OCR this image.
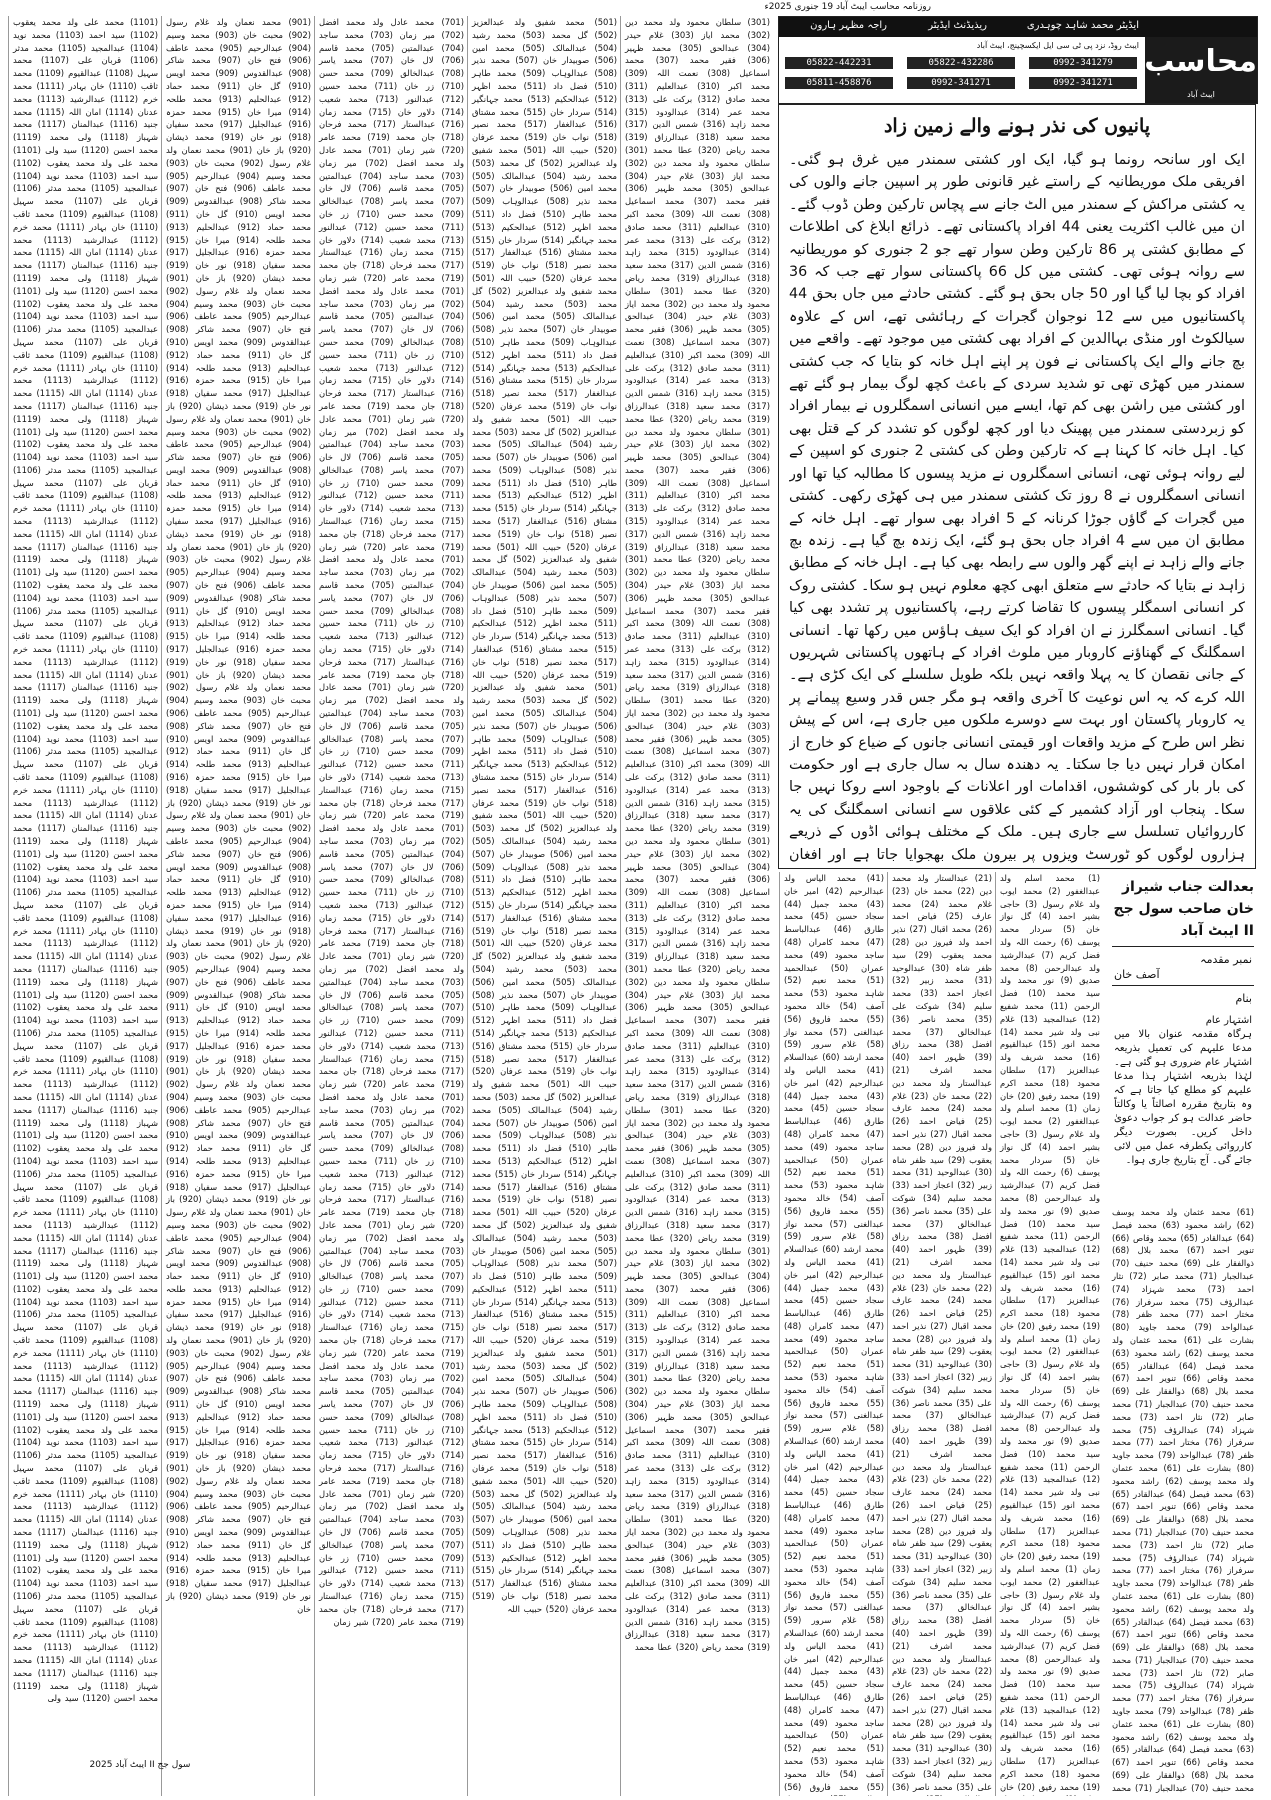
روزنامہ محاسب ایبٹ آباد 19 جنوری 2025ء
ایڈیٹر محمد شاہد چوہدری
ریذیڈنٹ ایڈیٹر
راجہ مظہر ہارون
محاسب
ایبٹ آباد
ایبٹ روڈ، نزد پی ٹی سی ایل ایکسچینج، ایبٹ آباد
0992-341279
05822-432286
05822-442231
0992-341271
0992-341271
05811-458876
پانیوں کی نذر ہونے والے زمین زاد
ایک اور سانحہ رونما ہو گیا، ایک اور کشتی سمندر میں غرق ہو گئی۔ افریقی ملک موریطانیہ کے راستے غیر قانونی طور پر اسپین جانے والوں کی یہ کشتی مراکش کے سمندر میں الٹ جانے سے پچاس تارکین وطن ڈوب گئے۔ ان میں غالب اکثریت یعنی 44 افراد پاکستانی تھے۔ ذرائع ابلاغ کی اطلاعات کے مطابق کشتی پر 86 تارکین وطن سوار تھے جو 2 جنوری کو موریطانیہ سے روانہ ہوئی تھی۔ کشتی میں کل 66 پاکستانی سوار تھے جب کہ 36 افراد کو بچا لیا گیا اور 50 جاں بحق ہو گئے۔ کشتی حادثے میں جاں بحق 44 پاکستانیوں میں سے 12 نوجوان گجرات کے رہائشی تھے، اس کے علاوہ سیالکوٹ اور منڈی بہاالدین کے افراد بھی کشتی میں موجود تھے۔ واقعے میں بچ جانے والے ایک پاکستانی نے فون پر اپنے اہل خانہ کو بتایا کہ جب کشتی سمندر میں کھڑی تھی تو شدید سردی کے باعث کچھ لوگ بیمار ہو گئے تھے اور کشتی میں راشن بھی کم تھا، ایسے میں انسانی اسمگلروں نے بیمار افراد کو زبردستی سمندر میں پھینک دیا اور کچھ لوگوں کو تشدد کر کے قتل بھی کیا۔ اہل خانہ کا کہنا ہے کہ تارکین وطن کی کشتی 2 جنوری کو اسپین کے لیے روانہ ہوئی تھی، انسانی اسمگلروں نے مزید پیسوں کا مطالبہ کیا تھا اور انسانی اسمگلروں نے 8 روز تک کشتی سمندر میں ہی کھڑی رکھی۔ کشتی میں گجرات کے گاؤں جوڑا کرنانہ کے 5 افراد بھی سوار تھے۔ اہل خانہ کے مطابق ان میں سے 4 افراد جاں بحق ہو گئے، ایک زندہ بچ گیا ہے۔ زندہ بچ جانے والے زاہد نے اپنے گھر والوں سے رابطہ بھی کیا ہے۔ اہل خانہ کے مطابق زاہد نے بتایا کہ حادثے سے متعلق ابھی کچھ معلوم نہیں ہو سکا۔ کشتی روک کر انسانی اسمگلر پیسوں کا تقاضا کرتے رہے، پاکستانیوں پر تشدد بھی کیا گیا۔ انسانی اسمگلرز نے ان افراد کو ایک سیف ہاؤس میں رکھا تھا۔ انسانی اسمگلنگ کے گھناؤنے کاروبار میں ملوث افراد کے ہاتھوں پاکستانی شہریوں کے جانی نقصان کا یہ پہلا واقعہ نہیں بلکہ طویل سلسلے کی ایک کڑی ہے۔ اللہ کرے کہ یہ اس نوعیت کا آخری واقعہ ہو مگر جس قدر وسیع پیمانے پر یہ کاروبار پاکستان اور بہت سے دوسرے ملکوں میں جاری ہے، اس کے پیش نظر اس طرح کے مزید واقعات اور قیمتی انسانی جانوں کے ضیاع کو خارج از امکان قرار نہیں دیا جا سکتا۔ یہ دھندہ سال بہ سال جاری ہے اور حکومت کی بار بار کی کوششوں، اقدامات اور اعلانات کے باوجود اسے روکا نہیں جا سکا۔ پنجاب اور آزاد کشمیر کے کئی علاقوں سے انسانی اسمگلنگ کی یہ کارروائیاں تسلسل سے جاری ہیں۔ ملک کے مختلف ہوائی اڈوں کے ذریعے ہزاروں لوگوں کو ٹورسٹ ویزوں پر بیرون ملک بھجوایا جاتا ہے اور افغان
بعدالت جناب شیراز خان صاحب سول جج II ایبٹ آباد
نمبر مقدمہ
آصف خان
بنام
اشتہار عام
ہرگاہ مقدمہ عنوان بالا میں مدعا علیہم کی تعمیل بذریعہ اشتہار عام ضروری ہو گئی ہے۔ لہٰذا بذریعہ اشتہار ہذا مدعا علیہم کو مطلع کیا جاتا ہے کہ وہ بتاریخ مقررہ اصالتاً یا وکالتاً حاضر عدالت ہو کر جواب دعویٰ داخل کریں۔ بصورت دیگر کارروائی یکطرفہ عمل میں لائی جائے گی۔ آج بتاریخ جاری ہوا۔
(301) سلطان محمود ولد محمد دین (302) محمد ایاز (303) غلام حیدر (304) عبدالحق (305) محمد ظہیر (306) فقیر محمد (307) محمد اسماعیل (308) نعمت اللہ (309) محمد اکبر (310) عبدالعلیم (311) محمد صادق (312) برکت علی (313) محمد عمر (314) عبدالودود (315) محمد زاہد (316) شمس الدین (317) محمد سعید (318) عبدالرزاق (319) محمد ریاض (320) عطا محمد (301) سلطان محمود ولد محمد دین (302) محمد ایاز (303) غلام حیدر (304) عبدالحق (305) محمد ظہیر (306) فقیر محمد (307) محمد اسماعیل (308) نعمت اللہ (309) محمد اکبر (310) عبدالعلیم (311) محمد صادق (312) برکت علی (313) محمد عمر (314) عبدالودود (315) محمد زاہد (316) شمس الدین (317) محمد سعید (318) عبدالرزاق (319) محمد ریاض (320) عطا محمد (301) سلطان محمود ولد محمد دین (302) محمد ایاز (303) غلام حیدر (304) عبدالحق (305) محمد ظہیر (306) فقیر محمد (307) محمد اسماعیل (308) نعمت اللہ (309) محمد اکبر (310) عبدالعلیم (311) محمد صادق (312) برکت علی (313) محمد عمر (314) عبدالودود (315) محمد زاہد (316) شمس الدین (317) محمد سعید (318) عبدالرزاق (319) محمد ریاض (320) عطا محمد (301) سلطان محمود ولد محمد دین (302) محمد ایاز (303) غلام حیدر (304) عبدالحق (305) محمد ظہیر (306) فقیر محمد (307) محمد اسماعیل (308) نعمت اللہ (309) محمد اکبر (310) عبدالعلیم (311) محمد صادق (312) برکت علی (313) محمد عمر (314) عبدالودود (315) محمد زاہد (316) شمس الدین (317) محمد سعید (318) عبدالرزاق (319) محمد ریاض (320) عطا محمد (301) سلطان محمود ولد محمد دین (302) محمد ایاز (303) غلام حیدر (304) عبدالحق (305) محمد ظہیر (306) فقیر محمد (307) محمد اسماعیل (308) نعمت اللہ (309) محمد اکبر (310) عبدالعلیم (311) محمد صادق (312) برکت علی (313) محمد عمر (314) عبدالودود (315) محمد زاہد (316) شمس الدین (317) محمد سعید (318) عبدالرزاق (319) محمد ریاض (320) عطا محمد (301) سلطان محمود ولد محمد دین (302) محمد ایاز (303) غلام حیدر (304) عبدالحق (305) محمد ظہیر (306) فقیر محمد (307) محمد اسماعیل (308) نعمت اللہ (309) محمد اکبر (310) عبدالعلیم (311) محمد صادق (312) برکت علی (313) محمد عمر (314) عبدالودود (315) محمد زاہد (316) شمس الدین (317) محمد سعید (318) عبدالرزاق (319) محمد ریاض (320) عطا محمد (301) سلطان محمود ولد محمد دین (302) محمد ایاز (303) غلام حیدر (304) عبدالحق (305) محمد ظہیر (306) فقیر محمد (307) محمد اسماعیل (308) نعمت اللہ (309) محمد اکبر (310) عبدالعلیم (311) محمد صادق (312) برکت علی (313) محمد عمر (314) عبدالودود (315) محمد زاہد (316) شمس الدین (317) محمد سعید (318) عبدالرزاق (319) محمد ریاض (320) عطا محمد (301) سلطان محمود ولد محمد دین (302) محمد ایاز (303) غلام حیدر (304) عبدالحق (305) محمد ظہیر (306) فقیر محمد (307) محمد اسماعیل (308) نعمت اللہ (309) محمد اکبر (310) عبدالعلیم (311) محمد صادق (312) برکت علی (313) محمد عمر (314) عبدالودود (315) محمد زاہد (316) شمس الدین (317) محمد سعید (318) عبدالرزاق (319) محمد ریاض (320) عطا محمد (301) سلطان محمود ولد محمد دین (302) محمد ایاز (303) غلام حیدر (304) عبدالحق (305) محمد ظہیر (306) فقیر محمد (307) محمد اسماعیل (308) نعمت اللہ (309) محمد اکبر (310) عبدالعلیم (311) محمد صادق (312) برکت علی (313) محمد عمر (314) عبدالودود (315) محمد زاہد (316) شمس الدین (317) محمد سعید (318) عبدالرزاق (319) محمد ریاض (320) عطا محمد (301) سلطان محمود ولد محمد دین (302) محمد ایاز (303) غلام حیدر (304) عبدالحق (305) محمد ظہیر (306) فقیر محمد (307) محمد اسماعیل (308) نعمت اللہ (309) محمد اکبر (310) عبدالعلیم (311) محمد صادق (312) برکت علی (313) محمد عمر (314) عبدالودود (315) محمد زاہد (316) شمس الدین (317) محمد سعید (318) عبدالرزاق (319) محمد ریاض (320) عطا محمد (301) سلطان محمود ولد محمد دین (302) محمد ایاز (303) غلام حیدر (304) عبدالحق (305) محمد ظہیر (306) فقیر محمد (307) محمد اسماعیل (308) نعمت اللہ (309) محمد اکبر (310) عبدالعلیم (311) محمد صادق (312) برکت علی (313) محمد عمر (314) عبدالودود (315) محمد زاہد (316) شمس الدین (317) محمد سعید (318) عبدالرزاق (319) محمد ریاض (320) عطا محمد (301) سلطان محمود ولد محمد دین (302) محمد ایاز (303) غلام حیدر (304) عبدالحق (305) محمد ظہیر (306) فقیر محمد (307) محمد اسماعیل (308) نعمت اللہ (309) محمد اکبر (310) عبدالعلیم (311) محمد صادق (312) برکت علی (313) محمد عمر (314) عبدالودود (315) محمد زاہد (316) شمس الدین (317) محمد سعید (318) عبدالرزاق (319) محمد ریاض (320) عطا محمد
(501) محمد شفیق ولد عبدالعزیز (502) گل محمد (503) محمد رشید (504) عبدالمالک (505) محمد امین (506) صوبیدار خان (507) محمد نذیر (508) عبدالوہاب (509) محمد طاہر (510) فضل داد (511) محمد اظہر (512) عبدالحکیم (513) محمد جہانگیر (514) سردار خان (515) محمد مشتاق (516) عبدالغفار (517) محمد نصیر (518) نواب خان (519) محمد عرفان (520) حبیب اللہ (501) محمد شفیق ولد عبدالعزیز (502) گل محمد (503) محمد رشید (504) عبدالمالک (505) محمد امین (506) صوبیدار خان (507) محمد نذیر (508) عبدالوہاب (509) محمد طاہر (510) فضل داد (511) محمد اظہر (512) عبدالحکیم (513) محمد جہانگیر (514) سردار خان (515) محمد مشتاق (516) عبدالغفار (517) محمد نصیر (518) نواب خان (519) محمد عرفان (520) حبیب اللہ (501) محمد شفیق ولد عبدالعزیز (502) گل محمد (503) محمد رشید (504) عبدالمالک (505) محمد امین (506) صوبیدار خان (507) محمد نذیر (508) عبدالوہاب (509) محمد طاہر (510) فضل داد (511) محمد اظہر (512) عبدالحکیم (513) محمد جہانگیر (514) سردار خان (515) محمد مشتاق (516) عبدالغفار (517) محمد نصیر (518) نواب خان (519) محمد عرفان (520) حبیب اللہ (501) محمد شفیق ولد عبدالعزیز (502) گل محمد (503) محمد رشید (504) عبدالمالک (505) محمد امین (506) صوبیدار خان (507) محمد نذیر (508) عبدالوہاب (509) محمد طاہر (510) فضل داد (511) محمد اظہر (512) عبدالحکیم (513) محمد جہانگیر (514) سردار خان (515) محمد مشتاق (516) عبدالغفار (517) محمد نصیر (518) نواب خان (519) محمد عرفان (520) حبیب اللہ (501) محمد شفیق ولد عبدالعزیز (502) گل محمد (503) محمد رشید (504) عبدالمالک (505) محمد امین (506) صوبیدار خان (507) محمد نذیر (508) عبدالوہاب (509) محمد طاہر (510) فضل داد (511) محمد اظہر (512) عبدالحکیم (513) محمد جہانگیر (514) سردار خان (515) محمد مشتاق (516) عبدالغفار (517) محمد نصیر (518) نواب خان (519) محمد عرفان (520) حبیب اللہ (501) محمد شفیق ولد عبدالعزیز (502) گل محمد (503) محمد رشید (504) عبدالمالک (505) محمد امین (506) صوبیدار خان (507) محمد نذیر (508) عبدالوہاب (509) محمد طاہر (510) فضل داد (511) محمد اظہر (512) عبدالحکیم (513) محمد جہانگیر (514) سردار خان (515) محمد مشتاق (516) عبدالغفار (517) محمد نصیر (518) نواب خان (519) محمد عرفان (520) حبیب اللہ (501) محمد شفیق ولد عبدالعزیز (502) گل محمد (503) محمد رشید (504) عبدالمالک (505) محمد امین (506) صوبیدار خان (507) محمد نذیر (508) عبدالوہاب (509) محمد طاہر (510) فضل داد (511) محمد اظہر (512) عبدالحکیم (513) محمد جہانگیر (514) سردار خان (515) محمد مشتاق (516) عبدالغفار (517) محمد نصیر (518) نواب خان (519) محمد عرفان (520) حبیب اللہ (501) محمد شفیق ولد عبدالعزیز (502) گل محمد (503) محمد رشید (504) عبدالمالک (505) محمد امین (506) صوبیدار خان (507) محمد نذیر (508) عبدالوہاب (509) محمد طاہر (510) فضل داد (511) محمد اظہر (512) عبدالحکیم (513) محمد جہانگیر (514) سردار خان (515) محمد مشتاق (516) عبدالغفار (517) محمد نصیر (518) نواب خان (519) محمد عرفان (520) حبیب اللہ (501) محمد شفیق ولد عبدالعزیز (502) گل محمد (503) محمد رشید (504) عبدالمالک (505) محمد امین (506) صوبیدار خان (507) محمد نذیر (508) عبدالوہاب (509) محمد طاہر (510) فضل داد (511) محمد اظہر (512) عبدالحکیم (513) محمد جہانگیر (514) سردار خان (515) محمد مشتاق (516) عبدالغفار (517) محمد نصیر (518) نواب خان (519) محمد عرفان (520) حبیب اللہ (501) محمد شفیق ولد عبدالعزیز (502) گل محمد (503) محمد رشید (504) عبدالمالک (505) محمد امین (506) صوبیدار خان (507) محمد نذیر (508) عبدالوہاب (509) محمد طاہر (510) فضل داد (511) محمد اظہر (512) عبدالحکیم (513) محمد جہانگیر (514) سردار خان (515) محمد مشتاق (516) عبدالغفار (517) محمد نصیر (518) نواب خان (519) محمد عرفان (520) حبیب اللہ (501) محمد شفیق ولد عبدالعزیز (502) گل محمد (503) محمد رشید (504) عبدالمالک (505) محمد امین (506) صوبیدار خان (507) محمد نذیر (508) عبدالوہاب (509) محمد طاہر (510) فضل داد (511) محمد اظہر (512) عبدالحکیم (513) محمد جہانگیر (514) سردار خان (515) محمد مشتاق (516) عبدالغفار (517) محمد نصیر (518) نواب خان (519) محمد عرفان (520) حبیب اللہ (501) محمد شفیق ولد عبدالعزیز (502) گل محمد (503) محمد رشید (504) عبدالمالک (505) محمد امین (506) صوبیدار خان (507) محمد نذیر (508) عبدالوہاب (509) محمد طاہر (510) فضل داد (511) محمد اظہر (512) عبدالحکیم (513) محمد جہانگیر (514) سردار خان (515) محمد مشتاق (516) عبدالغفار (517) محمد نصیر (518) نواب خان (519) محمد عرفان (520) حبیب اللہ
(701) محمد عادل ولد محمد افضل (702) میر زمان (703) محمد ساجد (704) عبدالمتین (705) محمد قاسم (706) لال خان (707) محمد یاسر (708) عبدالخالق (709) محمد حسن (710) زر خان (711) محمد حسین (712) عبدالنور (713) محمد شعیب (714) دلاور خان (715) محمد زمان (716) عبدالستار (717) محمد فرحان (718) جان محمد (719) محمد عامر (720) شیر زمان (701) محمد عادل ولد محمد افضل (702) میر زمان (703) محمد ساجد (704) عبدالمتین (705) محمد قاسم (706) لال خان (707) محمد یاسر (708) عبدالخالق (709) محمد حسن (710) زر خان (711) محمد حسین (712) عبدالنور (713) محمد شعیب (714) دلاور خان (715) محمد زمان (716) عبدالستار (717) محمد فرحان (718) جان محمد (719) محمد عامر (720) شیر زمان (701) محمد عادل ولد محمد افضل (702) میر زمان (703) محمد ساجد (704) عبدالمتین (705) محمد قاسم (706) لال خان (707) محمد یاسر (708) عبدالخالق (709) محمد حسن (710) زر خان (711) محمد حسین (712) عبدالنور (713) محمد شعیب (714) دلاور خان (715) محمد زمان (716) عبدالستار (717) محمد فرحان (718) جان محمد (719) محمد عامر (720) شیر زمان (701) محمد عادل ولد محمد افضل (702) میر زمان (703) محمد ساجد (704) عبدالمتین (705) محمد قاسم (706) لال خان (707) محمد یاسر (708) عبدالخالق (709) محمد حسن (710) زر خان (711) محمد حسین (712) عبدالنور (713) محمد شعیب (714) دلاور خان (715) محمد زمان (716) عبدالستار (717) محمد فرحان (718) جان محمد (719) محمد عامر (720) شیر زمان (701) محمد عادل ولد محمد افضل (702) میر زمان (703) محمد ساجد (704) عبدالمتین (705) محمد قاسم (706) لال خان (707) محمد یاسر (708) عبدالخالق (709) محمد حسن (710) زر خان (711) محمد حسین (712) عبدالنور (713) محمد شعیب (714) دلاور خان (715) محمد زمان (716) عبدالستار (717) محمد فرحان (718) جان محمد (719) محمد عامر (720) شیر زمان (701) محمد عادل ولد محمد افضل (702) میر زمان (703) محمد ساجد (704) عبدالمتین (705) محمد قاسم (706) لال خان (707) محمد یاسر (708) عبدالخالق (709) محمد حسن (710) زر خان (711) محمد حسین (712) عبدالنور (713) محمد شعیب (714) دلاور خان (715) محمد زمان (716) عبدالستار (717) محمد فرحان (718) جان محمد (719) محمد عامر (720) شیر زمان (701) محمد عادل ولد محمد افضل (702) میر زمان (703) محمد ساجد (704) عبدالمتین (705) محمد قاسم (706) لال خان (707) محمد یاسر (708) عبدالخالق (709) محمد حسن (710) زر خان (711) محمد حسین (712) عبدالنور (713) محمد شعیب (714) دلاور خان (715) محمد زمان (716) عبدالستار (717) محمد فرحان (718) جان محمد (719) محمد عامر (720) شیر زمان (701) محمد عادل ولد محمد افضل (702) میر زمان (703) محمد ساجد (704) عبدالمتین (705) محمد قاسم (706) لال خان (707) محمد یاسر (708) عبدالخالق (709) محمد حسن (710) زر خان (711) محمد حسین (712) عبدالنور (713) محمد شعیب (714) دلاور خان (715) محمد زمان (716) عبدالستار (717) محمد فرحان (718) جان محمد (719) محمد عامر (720) شیر زمان (701) محمد عادل ولد محمد افضل (702) میر زمان (703) محمد ساجد (704) عبدالمتین (705) محمد قاسم (706) لال خان (707) محمد یاسر (708) عبدالخالق (709) محمد حسن (710) زر خان (711) محمد حسین (712) عبدالنور (713) محمد شعیب (714) دلاور خان (715) محمد زمان (716) عبدالستار (717) محمد فرحان (718) جان محمد (719) محمد عامر (720) شیر زمان (701) محمد عادل ولد محمد افضل (702) میر زمان (703) محمد ساجد (704) عبدالمتین (705) محمد قاسم (706) لال خان (707) محمد یاسر (708) عبدالخالق (709) محمد حسن (710) زر خان (711) محمد حسین (712) عبدالنور (713) محمد شعیب (714) دلاور خان (715) محمد زمان (716) عبدالستار (717) محمد فرحان (718) جان محمد (719) محمد عامر (720) شیر زمان (701) محمد عادل ولد محمد افضل (702) میر زمان (703) محمد ساجد (704) عبدالمتین (705) محمد قاسم (706) لال خان (707) محمد یاسر (708) عبدالخالق (709) محمد حسن (710) زر خان (711) محمد حسین (712) عبدالنور (713) محمد شعیب (714) دلاور خان (715) محمد زمان (716) عبدالستار (717) محمد فرحان (718) جان محمد (719) محمد عامر (720) شیر زمان (701) محمد عادل ولد محمد افضل (702) میر زمان (703) محمد ساجد (704) عبدالمتین (705) محمد قاسم (706) لال خان (707) محمد یاسر (708) عبدالخالق (709) محمد حسن (710) زر خان (711) محمد حسین (712) عبدالنور (713) محمد شعیب (714) دلاور خان (715) محمد زمان (716) عبدالستار (717) محمد فرحان (718) جان محمد (719) محمد عامر (720) شیر زمان
(901) محمد نعمان ولد غلام رسول (902) محبت خان (903) محمد وسیم (904) عبدالرحیم (905) محمد عاطف (906) فتح خان (907) محمد شاکر (908) عبدالقدوس (909) محمد اویس (910) گل خان (911) محمد حماد (912) عبدالحلیم (913) محمد طلحہ (914) میرا خان (915) محمد حمزہ (916) عبدالجلیل (917) محمد سفیان (918) نور خان (919) محمد ذیشان (920) باز خان (901) محمد نعمان ولد غلام رسول (902) محبت خان (903) محمد وسیم (904) عبدالرحیم (905) محمد عاطف (906) فتح خان (907) محمد شاکر (908) عبدالقدوس (909) محمد اویس (910) گل خان (911) محمد حماد (912) عبدالحلیم (913) محمد طلحہ (914) میرا خان (915) محمد حمزہ (916) عبدالجلیل (917) محمد سفیان (918) نور خان (919) محمد ذیشان (920) باز خان (901) محمد نعمان ولد غلام رسول (902) محبت خان (903) محمد وسیم (904) عبدالرحیم (905) محمد عاطف (906) فتح خان (907) محمد شاکر (908) عبدالقدوس (909) محمد اویس (910) گل خان (911) محمد حماد (912) عبدالحلیم (913) محمد طلحہ (914) میرا خان (915) محمد حمزہ (916) عبدالجلیل (917) محمد سفیان (918) نور خان (919) محمد ذیشان (920) باز خان (901) محمد نعمان ولد غلام رسول (902) محبت خان (903) محمد وسیم (904) عبدالرحیم (905) محمد عاطف (906) فتح خان (907) محمد شاکر (908) عبدالقدوس (909) محمد اویس (910) گل خان (911) محمد حماد (912) عبدالحلیم (913) محمد طلحہ (914) میرا خان (915) محمد حمزہ (916) عبدالجلیل (917) محمد سفیان (918) نور خان (919) محمد ذیشان (920) باز خان (901) محمد نعمان ولد غلام رسول (902) محبت خان (903) محمد وسیم (904) عبدالرحیم (905) محمد عاطف (906) فتح خان (907) محمد شاکر (908) عبدالقدوس (909) محمد اویس (910) گل خان (911) محمد حماد (912) عبدالحلیم (913) محمد طلحہ (914) میرا خان (915) محمد حمزہ (916) عبدالجلیل (917) محمد سفیان (918) نور خان (919) محمد ذیشان (920) باز خان (901) محمد نعمان ولد غلام رسول (902) محبت خان (903) محمد وسیم (904) عبدالرحیم (905) محمد عاطف (906) فتح خان (907) محمد شاکر (908) عبدالقدوس (909) محمد اویس (910) گل خان (911) محمد حماد (912) عبدالحلیم (913) محمد طلحہ (914) میرا خان (915) محمد حمزہ (916) عبدالجلیل (917) محمد سفیان (918) نور خان (919) محمد ذیشان (920) باز خان (901) محمد نعمان ولد غلام رسول (902) محبت خان (903) محمد وسیم (904) عبدالرحیم (905) محمد عاطف (906) فتح خان (907) محمد شاکر (908) عبدالقدوس (909) محمد اویس (910) گل خان (911) محمد حماد (912) عبدالحلیم (913) محمد طلحہ (914) میرا خان (915) محمد حمزہ (916) عبدالجلیل (917) محمد سفیان (918) نور خان (919) محمد ذیشان (920) باز خان (901) محمد نعمان ولد غلام رسول (902) محبت خان (903) محمد وسیم (904) عبدالرحیم (905) محمد عاطف (906) فتح خان (907) محمد شاکر (908) عبدالقدوس (909) محمد اویس (910) گل خان (911) محمد حماد (912) عبدالحلیم (913) محمد طلحہ (914) میرا خان (915) محمد حمزہ (916) عبدالجلیل (917) محمد سفیان (918) نور خان (919) محمد ذیشان (920) باز خان (901) محمد نعمان ولد غلام رسول (902) محبت خان (903) محمد وسیم (904) عبدالرحیم (905) محمد عاطف (906) فتح خان (907) محمد شاکر (908) عبدالقدوس (909) محمد اویس (910) گل خان (911) محمد حماد (912) عبدالحلیم (913) محمد طلحہ (914) میرا خان (915) محمد حمزہ (916) عبدالجلیل (917) محمد سفیان (918) نور خان (919) محمد ذیشان (920) باز خان (901) محمد نعمان ولد غلام رسول (902) محبت خان (903) محمد وسیم (904) عبدالرحیم (905) محمد عاطف (906) فتح خان (907) محمد شاکر (908) عبدالقدوس (909) محمد اویس (910) گل خان (911) محمد حماد (912) عبدالحلیم (913) محمد طلحہ (914) میرا خان (915) محمد حمزہ (916) عبدالجلیل (917) محمد سفیان (918) نور خان (919) محمد ذیشان (920) باز خان (901) محمد نعمان ولد غلام رسول (902) محبت خان (903) محمد وسیم (904) عبدالرحیم (905) محمد عاطف (906) فتح خان (907) محمد شاکر (908) عبدالقدوس (909) محمد اویس (910) گل خان (911) محمد حماد (912) عبدالحلیم (913) محمد طلحہ (914) میرا خان (915) محمد حمزہ (916) عبدالجلیل (917) محمد سفیان (918) نور خان (919) محمد ذیشان (920) باز خان (901) محمد نعمان ولد غلام رسول (902) محبت خان (903) محمد وسیم (904) عبدالرحیم (905) محمد عاطف (906) فتح خان (907) محمد شاکر (908) عبدالقدوس (909) محمد اویس (910) گل خان (911) محمد حماد (912) عبدالحلیم (913) محمد طلحہ (914) میرا خان (915) محمد حمزہ (916) عبدالجلیل (917) محمد سفیان (918) نور خان (919) محمد ذیشان (920) باز خان
(1101) محمد علی ولد محمد یعقوب (1102) سید احمد (1103) محمد نوید (1104) عبدالمجید (1105) محمد مدثر (1106) قربان علی (1107) محمد سہیل (1108) عبدالقیوم (1109) محمد ثاقب (1110) خان بہادر (1111) محمد خرم (1112) عبدالرشید (1113) محمد عدنان (1114) امان اللہ (1115) محمد جنید (1116) عبدالمنان (1117) محمد شہباز (1118) ولی محمد (1119) محمد احسن (1120) سید ولی (1101) محمد علی ولد محمد یعقوب (1102) سید احمد (1103) محمد نوید (1104) عبدالمجید (1105) محمد مدثر (1106) قربان علی (1107) محمد سہیل (1108) عبدالقیوم (1109) محمد ثاقب (1110) خان بہادر (1111) محمد خرم (1112) عبدالرشید (1113) محمد عدنان (1114) امان اللہ (1115) محمد جنید (1116) عبدالمنان (1117) محمد شہباز (1118) ولی محمد (1119) محمد احسن (1120) سید ولی (1101) محمد علی ولد محمد یعقوب (1102) سید احمد (1103) محمد نوید (1104) عبدالمجید (1105) محمد مدثر (1106) قربان علی (1107) محمد سہیل (1108) عبدالقیوم (1109) محمد ثاقب (1110) خان بہادر (1111) محمد خرم (1112) عبدالرشید (1113) محمد عدنان (1114) امان اللہ (1115) محمد جنید (1116) عبدالمنان (1117) محمد شہباز (1118) ولی محمد (1119) محمد احسن (1120) سید ولی (1101) محمد علی ولد محمد یعقوب (1102) سید احمد (1103) محمد نوید (1104) عبدالمجید (1105) محمد مدثر (1106) قربان علی (1107) محمد سہیل (1108) عبدالقیوم (1109) محمد ثاقب (1110) خان بہادر (1111) محمد خرم (1112) عبدالرشید (1113) محمد عدنان (1114) امان اللہ (1115) محمد جنید (1116) عبدالمنان (1117) محمد شہباز (1118) ولی محمد (1119) محمد احسن (1120) سید ولی (1101) محمد علی ولد محمد یعقوب (1102) سید احمد (1103) محمد نوید (1104) عبدالمجید (1105) محمد مدثر (1106) قربان علی (1107) محمد سہیل (1108) عبدالقیوم (1109) محمد ثاقب (1110) خان بہادر (1111) محمد خرم (1112) عبدالرشید (1113) محمد عدنان (1114) امان اللہ (1115) محمد جنید (1116) عبدالمنان (1117) محمد شہباز (1118) ولی محمد (1119) محمد احسن (1120) سید ولی (1101) محمد علی ولد محمد یعقوب (1102) سید احمد (1103) محمد نوید (1104) عبدالمجید (1105) محمد مدثر (1106) قربان علی (1107) محمد سہیل (1108) عبدالقیوم (1109) محمد ثاقب (1110) خان بہادر (1111) محمد خرم (1112) عبدالرشید (1113) محمد عدنان (1114) امان اللہ (1115) محمد جنید (1116) عبدالمنان (1117) محمد شہباز (1118) ولی محمد (1119) محمد احسن (1120) سید ولی (1101) محمد علی ولد محمد یعقوب (1102) سید احمد (1103) محمد نوید (1104) عبدالمجید (1105) محمد مدثر (1106) قربان علی (1107) محمد سہیل (1108) عبدالقیوم (1109) محمد ثاقب (1110) خان بہادر (1111) محمد خرم (1112) عبدالرشید (1113) محمد عدنان (1114) امان اللہ (1115) محمد جنید (1116) عبدالمنان (1117) محمد شہباز (1118) ولی محمد (1119) محمد احسن (1120) سید ولی (1101) محمد علی ولد محمد یعقوب (1102) سید احمد (1103) محمد نوید (1104) عبدالمجید (1105) محمد مدثر (1106) قربان علی (1107) محمد سہیل (1108) عبدالقیوم (1109) محمد ثاقب (1110) خان بہادر (1111) محمد خرم (1112) عبدالرشید (1113) محمد عدنان (1114) امان اللہ (1115) محمد جنید (1116) عبدالمنان (1117) محمد شہباز (1118) ولی محمد (1119) محمد احسن (1120) سید ولی (1101) محمد علی ولد محمد یعقوب (1102) سید احمد (1103) محمد نوید (1104) عبدالمجید (1105) محمد مدثر (1106) قربان علی (1107) محمد سہیل (1108) عبدالقیوم (1109) محمد ثاقب (1110) خان بہادر (1111) محمد خرم (1112) عبدالرشید (1113) محمد عدنان (1114) امان اللہ (1115) محمد جنید (1116) عبدالمنان (1117) محمد شہباز (1118) ولی محمد (1119) محمد احسن (1120) سید ولی (1101) محمد علی ولد محمد یعقوب (1102) سید احمد (1103) محمد نوید (1104) عبدالمجید (1105) محمد مدثر (1106) قربان علی (1107) محمد سہیل (1108) عبدالقیوم (1109) محمد ثاقب (1110) خان بہادر (1111) محمد خرم (1112) عبدالرشید (1113) محمد عدنان (1114) امان اللہ (1115) محمد جنید (1116) عبدالمنان (1117) محمد شہباز (1118) ولی محمد (1119) محمد احسن (1120) سید ولی (1101) محمد علی ولد محمد یعقوب (1102) سید احمد (1103) محمد نوید (1104) عبدالمجید (1105) محمد مدثر (1106) قربان علی (1107) محمد سہیل (1108) عبدالقیوم (1109) محمد ثاقب (1110) خان بہادر (1111) محمد خرم (1112) عبدالرشید (1113) محمد عدنان (1114) امان اللہ (1115) محمد جنید (1116) عبدالمنان (1117) محمد شہباز (1118) ولی محمد (1119) محمد احسن (1120) سید ولی (1101) محمد علی ولد محمد یعقوب (1102) سید احمد (1103) محمد نوید (1104) عبدالمجید (1105) محمد مدثر (1106) قربان علی (1107) محمد سہیل (1108) عبدالقیوم (1109) محمد ثاقب (1110) خان بہادر (1111) محمد خرم (1112) عبدالرشید (1113) محمد عدنان (1114) امان اللہ (1115) محمد جنید (1116) عبدالمنان (1117) محمد شہباز (1118) ولی محمد (1119) محمد احسن (1120) سید ولی
(1) محمد اسلم ولد عبدالغفور (2) محمد ایوب ولد غلام رسول (3) حاجی بشیر احمد (4) گل نواز خان (5) سردار محمد یوسف (6) رحمت اللہ ولد فضل کریم (7) عبدالرشید ولد عبدالرحمن (8) محمد صدیق (9) نور محمد ولد سید محمد (10) فضل الرحمن (11) محمد شفیع (12) عبدالمجید (13) غلام نبی ولد شیر محمد (14) محمد انور (15) عبدالقیوم (16) محمد شریف ولد عبدالعزیز (17) سلطان محمود (18) محمد اکرم (19) محمد رفیق (20) خان زمان (1) محمد اسلم ولد عبدالغفور (2) محمد ایوب ولد غلام رسول (3) حاجی بشیر احمد (4) گل نواز خان (5) سردار محمد یوسف (6) رحمت اللہ ولد فضل کریم (7) عبدالرشید ولد عبدالرحمن (8) محمد صدیق (9) نور محمد ولد سید محمد (10) فضل الرحمن (11) محمد شفیع (12) عبدالمجید (13) غلام نبی ولد شیر محمد (14) محمد انور (15) عبدالقیوم (16) محمد شریف ولد عبدالعزیز (17) سلطان محمود (18) محمد اکرم (19) محمد رفیق (20) خان زمان (1) محمد اسلم ولد عبدالغفور (2) محمد ایوب ولد غلام رسول (3) حاجی بشیر احمد (4) گل نواز خان (5) سردار محمد یوسف (6) رحمت اللہ ولد فضل کریم (7) عبدالرشید ولد عبدالرحمن (8) محمد صدیق (9) نور محمد ولد سید محمد (10) فضل الرحمن (11) محمد شفیع (12) عبدالمجید (13) غلام نبی ولد شیر محمد (14) محمد انور (15) عبدالقیوم (16) محمد شریف ولد عبدالعزیز (17) سلطان محمود (18) محمد اکرم (19) محمد رفیق (20) خان زمان (1) محمد اسلم ولد عبدالغفور (2) محمد ایوب ولد غلام رسول (3) حاجی بشیر احمد (4) گل نواز خان (5) سردار محمد یوسف (6) رحمت اللہ ولد فضل کریم (7) عبدالرشید ولد عبدالرحمن (8) محمد صدیق (9) نور محمد ولد سید محمد (10) فضل الرحمن (11) محمد شفیع (12) عبدالمجید (13) غلام نبی ولد شیر محمد (14) محمد انور (15) عبدالقیوم (16) محمد شریف ولد عبدالعزیز (17) سلطان محمود (18) محمد اکرم (19) محمد رفیق (20) خان
(21) عبدالستار ولد محمد دین (22) محمد خان (23) غلام محمد (24) محمد عارف (25) فیاض احمد (26) محمد اقبال (27) نذیر احمد ولد فیروز دین (28) محمد یعقوب (29) سید ظفر شاہ (30) عبدالوحید (31) محمد زبیر (32) اعجاز احمد (33) محمد سلیم (34) شوکت علی (35) محمد ناصر (36) عبدالخالق (37) محمد افضل (38) محمد رزاق (39) ظہور احمد (40) محمد اشرف (21) عبدالستار ولد محمد دین (22) محمد خان (23) غلام محمد (24) محمد عارف (25) فیاض احمد (26) محمد اقبال (27) نذیر احمد ولد فیروز دین (28) محمد یعقوب (29) سید ظفر شاہ (30) عبدالوحید (31) محمد زبیر (32) اعجاز احمد (33) محمد سلیم (34) شوکت علی (35) محمد ناصر (36) عبدالخالق (37) محمد افضل (38) محمد رزاق (39) ظہور احمد (40) محمد اشرف (21) عبدالستار ولد محمد دین (22) محمد خان (23) غلام محمد (24) محمد عارف (25) فیاض احمد (26) محمد اقبال (27) نذیر احمد ولد فیروز دین (28) محمد یعقوب (29) سید ظفر شاہ (30) عبدالوحید (31) محمد زبیر (32) اعجاز احمد (33) محمد سلیم (34) شوکت علی (35) محمد ناصر (36) عبدالخالق (37) محمد افضل (38) محمد رزاق (39) ظہور احمد (40) محمد اشرف (21) عبدالستار ولد محمد دین (22) محمد خان (23) غلام محمد (24) محمد عارف (25) فیاض احمد (26) محمد اقبال (27) نذیر احمد ولد فیروز دین (28) محمد یعقوب (29) سید ظفر شاہ (30) عبدالوحید (31) محمد زبیر (32) اعجاز احمد (33) محمد سلیم (34) شوکت علی (35) محمد ناصر (36) عبدالخالق (37) محمد افضل (38) محمد رزاق (39) ظہور احمد (40) محمد اشرف (21) عبدالستار ولد محمد دین (22) محمد خان (23) غلام محمد (24) محمد عارف (25) فیاض احمد (26) محمد اقبال (27) نذیر احمد ولد فیروز دین (28) محمد یعقوب (29) سید ظفر شاہ (30) عبدالوحید (31) محمد زبیر (32) اعجاز احمد (33) محمد سلیم (34) شوکت علی (35) محمد ناصر (36)
(41) محمد الیاس ولد عبدالرحیم (42) امیر خان (43) محمد جمیل (44) سجاد حسین (45) محمد طارق (46) عبدالباسط (47) محمد کامران (48) ساجد محمود (49) محمد عمران (50) عبدالحمید (51) محمد نعیم (52) شاہد محمود (53) محمد آصف (54) خالد محمود (55) محمد فاروق (56) عبدالغنی (57) محمد نواز (58) غلام سرور (59) محمد ارشد (60) عبدالسلام (41) محمد الیاس ولد عبدالرحیم (42) امیر خان (43) محمد جمیل (44) سجاد حسین (45) محمد طارق (46) عبدالباسط (47) محمد کامران (48) ساجد محمود (49) محمد عمران (50) عبدالحمید (51) محمد نعیم (52) شاہد محمود (53) محمد آصف (54) خالد محمود (55) محمد فاروق (56) عبدالغنی (57) محمد نواز (58) غلام سرور (59) محمد ارشد (60) عبدالسلام (41) محمد الیاس ولد عبدالرحیم (42) امیر خان (43) محمد جمیل (44) سجاد حسین (45) محمد طارق (46) عبدالباسط (47) محمد کامران (48) ساجد محمود (49) محمد عمران (50) عبدالحمید (51) محمد نعیم (52) شاہد محمود (53) محمد آصف (54) خالد محمود (55) محمد فاروق (56) عبدالغنی (57) محمد نواز (58) غلام سرور (59) محمد ارشد (60) عبدالسلام (41) محمد الیاس ولد عبدالرحیم (42) امیر خان (43) محمد جمیل (44) سجاد حسین (45) محمد طارق (46) عبدالباسط (47) محمد کامران (48) ساجد محمود (49) محمد عمران (50) عبدالحمید (51) محمد نعیم (52) شاہد محمود (53) محمد آصف (54) خالد محمود (55) محمد فاروق (56) عبدالغنی (57) محمد نواز (58) غلام سرور (59) محمد ارشد (60) عبدالسلام (41) محمد الیاس ولد عبدالرحیم (42) امیر خان (43) محمد جمیل (44) سجاد حسین (45) محمد طارق (46) عبدالباسط (47) محمد کامران (48) ساجد محمود (49) محمد عمران (50) عبدالحمید (51) محمد نعیم (52) شاہد محمود (53) محمد آصف (54) خالد محمود (55) محمد فاروق (56)
(61) محمد عثمان ولد محمد یوسف (62) راشد محمود (63) محمد فیصل (64) عبدالقادر (65) محمد وقاص (66) تنویر احمد (67) محمد بلال (68) ذوالفقار علی (69) محمد حنیف (70) عبدالجبار (71) محمد صابر (72) نثار احمد (73) محمد شہزاد (74) عبدالرؤف (75) محمد سرفراز (76) مختار احمد (77) محمد ظفر (78) عبدالواحد (79) محمد جاوید (80) بشارت علی (61) محمد عثمان ولد محمد یوسف (62) راشد محمود (63) محمد فیصل (64) عبدالقادر (65) محمد وقاص (66) تنویر احمد (67) محمد بلال (68) ذوالفقار علی (69) محمد حنیف (70) عبدالجبار (71) محمد صابر (72) نثار احمد (73) محمد شہزاد (74) عبدالرؤف (75) محمد سرفراز (76) مختار احمد (77) محمد ظفر (78) عبدالواحد (79) محمد جاوید (80) بشارت علی (61) محمد عثمان ولد محمد یوسف (62) راشد محمود (63) محمد فیصل (64) عبدالقادر (65) محمد وقاص (66) تنویر احمد (67) محمد بلال (68) ذوالفقار علی (69) محمد حنیف (70) عبدالجبار (71) محمد صابر (72) نثار احمد (73) محمد شہزاد (74) عبدالرؤف (75) محمد سرفراز (76) مختار احمد (77) محمد ظفر (78) عبدالواحد (79) محمد جاوید (80) بشارت علی (61) محمد عثمان ولد محمد یوسف (62) راشد محمود (63) محمد فیصل (64) عبدالقادر (65) محمد وقاص (66) تنویر احمد (67) محمد بلال (68) ذوالفقار علی (69) محمد حنیف (70) عبدالجبار (71) محمد صابر (72) نثار احمد (73) محمد شہزاد (74) عبدالرؤف (75) محمد سرفراز (76) مختار احمد (77) محمد ظفر (78) عبدالواحد (79) محمد جاوید (80) بشارت علی (61) محمد عثمان ولد محمد یوسف (62) راشد محمود (63) محمد فیصل (64) عبدالقادر (65) محمد وقاص (66) تنویر احمد (67) محمد بلال (68) ذوالفقار علی (69) محمد حنیف (70) عبدالجبار (71) محمد
سول جج II ایبٹ آباد 2025
